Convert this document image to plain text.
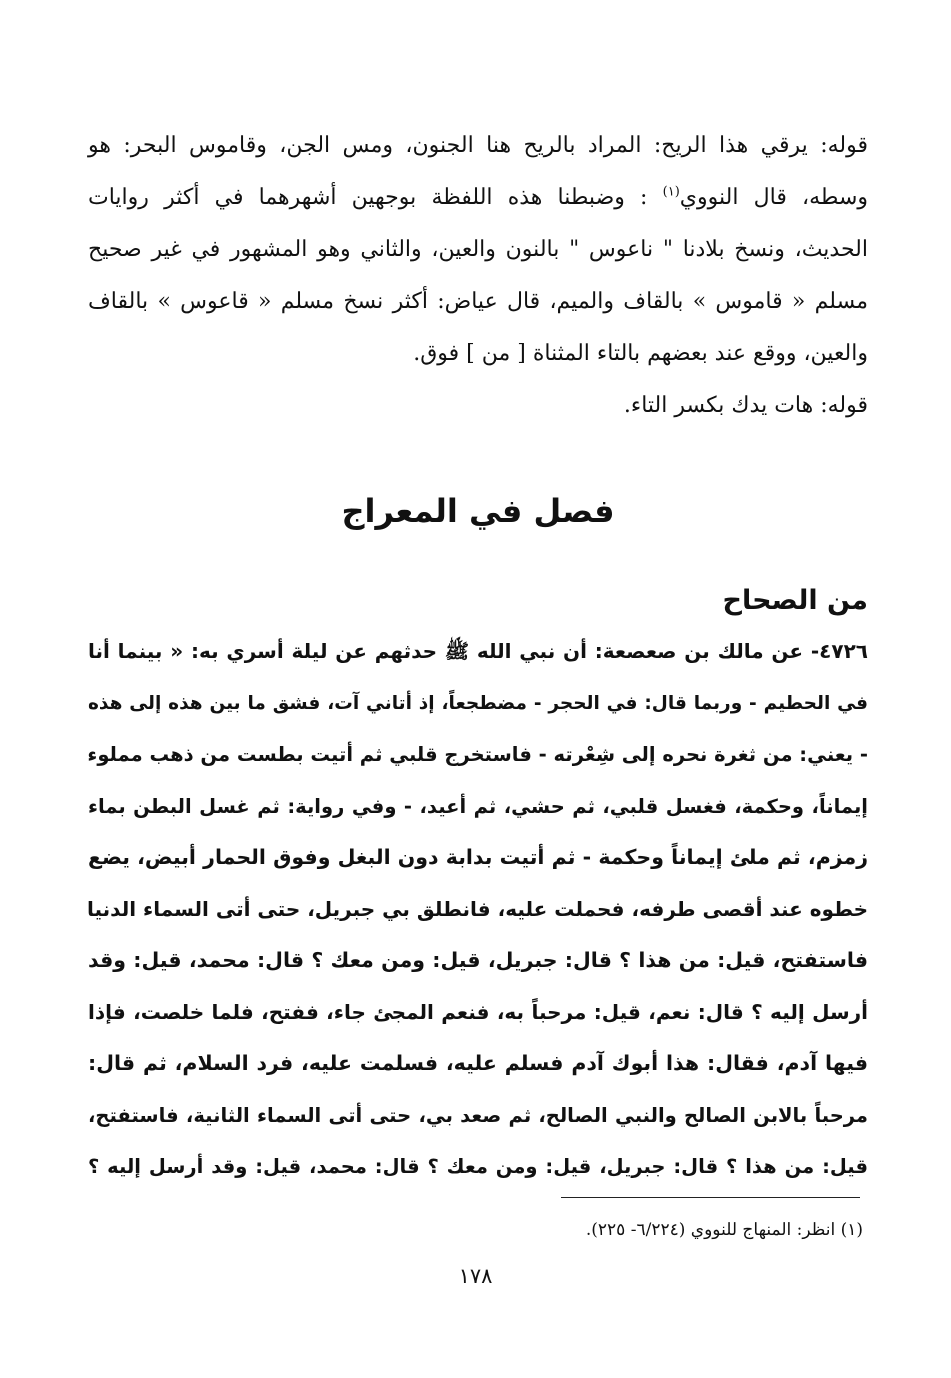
قوله: يرقي هذا الريح: المراد بالريح هنا الجنون، ومس الجن، وقاموس البحر: هو
وسطه، قال النووي$^{(١)}$ : وضبطنا هذه اللفظة بوجهين أشهرهما في أكثر روايات
الحديث، ونسخ بلادنا " ناعوس " بالنون والعين، والثاني وهو المشهور في غير صحيح
مسلم « قاموس » بالقاف والميم، قال عياض: أكثر نسخ مسلم « قاعوس » بالقاف
والعين، ووقع عند بعضهم بالتاء المثناة [ من ] فوق.
قوله: هات يدك بكسر التاء.
فصل في المعراج
من الصحاح
٤٧٢٦- عن مالك بن صعصعة: أن نبي الله ﷺ حدثهم عن ليلة أسري به: « بينما أنا
في الحطيم - وربما قال: في الحجر - مضطجعاً، إذ أتاني آت، فشق ما بين هذه إلى هذه
- يعني: من ثغرة نحره إلى شِعْرته - فاستخرج قلبي ثم أتيت بطست من ذهب مملوء
إيماناً، وحكمة، فغسل قلبي، ثم حشي، ثم أعيد، - وفي رواية: ثم غسل البطن بماء
زمزم، ثم ملئ إيماناً وحكمة - ثم أتيت بدابة دون البغل وفوق الحمار أبيض، يضع
خطوه عند أقصى طرفه، فحملت عليه، فانطلق بي جبريل، حتى أتى السماء الدنيا
فاستفتح، قيل: من هذا ؟ قال: جبريل، قيل: ومن معك ؟ قال: محمد، قيل: وقد
أرسل إليه ؟ قال: نعم، قيل: مرحباً به، فنعم المجئ جاء، ففتح، فلما خلصت، فإذا
فيها آدم، فقال: هذا أبوك آدم فسلم عليه، فسلمت عليه، فرد السلام، ثم قال:
مرحباً بالابن الصالح والنبي الصالح، ثم صعد بي، حتى أتى السماء الثانية، فاستفتح،
قيل: من هذا ؟ قال: جبريل، قيل: ومن معك ؟ قال: محمد، قيل: وقد أرسل إليه ؟
(١) انظر: المنهاج للنووي (٦/٢٢٤- ٢٢٥).
١٧٨
